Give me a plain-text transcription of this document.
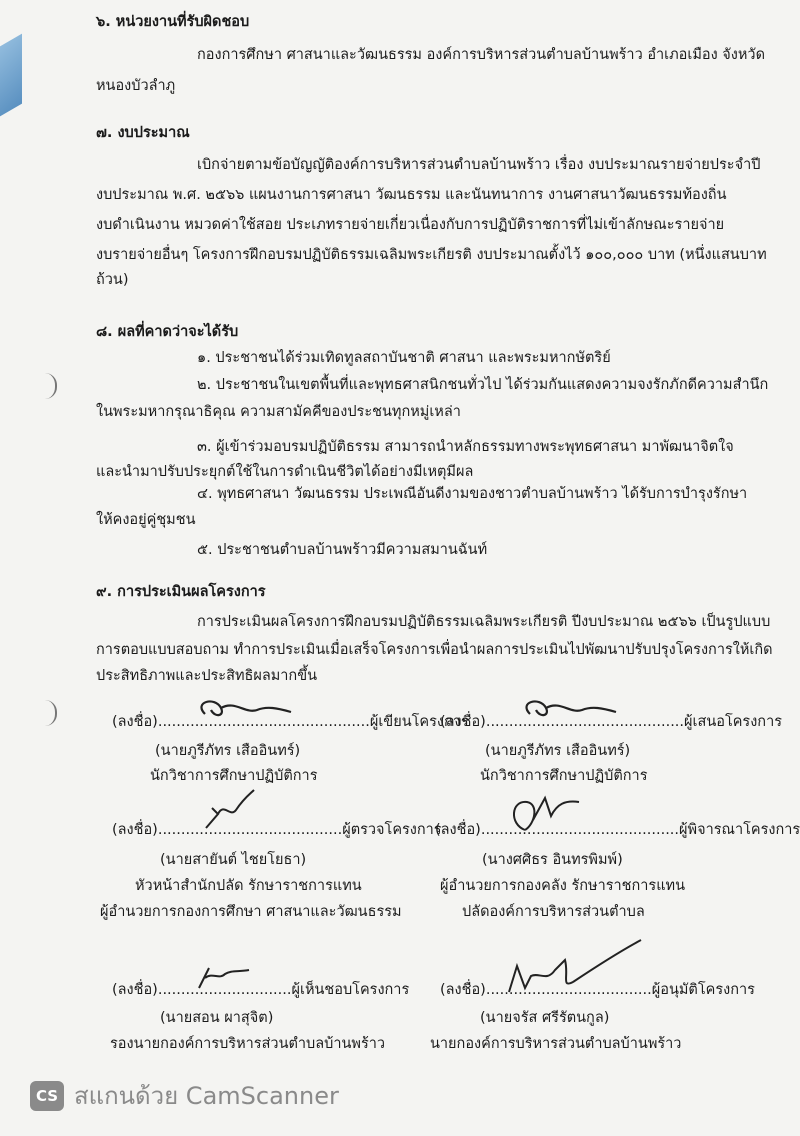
๖. หน่วยงานที่รับผิดชอบ
กองการศึกษา ศาสนาและวัฒนธรรม องค์การบริหารส่วนตำบลบ้านพร้าว อำเภอเมือง จังหวัด
หนองบัวลำภู
๗. งบประมาณ
เบิกจ่ายตามข้อบัญญัติองค์การบริหารส่วนตำบลบ้านพร้าว เรื่อง งบประมาณรายจ่ายประจำปี
งบประมาณ พ.ศ. ๒๕๖๖ แผนงานการศาสนา วัฒนธรรม และนันทนาการ งานศาสนาวัฒนธรรมท้องถิ่น
งบดำเนินงาน หมวดค่าใช้สอย ประเภทรายจ่ายเกี่ยวเนื่องกับการปฏิบัติราชการที่ไม่เข้าลักษณะรายจ่าย
งบรายจ่ายอื่นๆ โครงการฝึกอบรมปฏิบัติธรรมเฉลิมพระเกียรติ งบประมาณตั้งไว้ ๑๐๐,๐๐๐ บาท (หนึ่งแสนบาท
ถ้วน)
๘. ผลที่คาดว่าจะได้รับ
๑. ประชาชนได้ร่วมเทิดทูลสถาบันชาติ ศาสนา และพระมหากษัตริย์
๒. ประชาชนในเขตพื้นที่และพุทธศาสนิกชนทั่วไป ได้ร่วมกันแสดงความจงรักภักดีความสำนึก
ในพระมหากรุณาธิคุณ ความสามัคคีของประชนทุกหมู่เหล่า
๓. ผู้เข้าร่วมอบรมปฏิบัติธรรม สามารถนำหลักธรรมทางพระพุทธศาสนา มาพัฒนาจิตใจ
และนำมาปรับประยุกต์ใช้ในการดำเนินชีวิตได้อย่างมีเหตุมีผล
๔. พุทธศาสนา วัฒนธรรม ประเพณีอันดีงามของชาวตำบลบ้านพร้าว ได้รับการบำรุงรักษา
ให้คงอยู่คู่ชุมชน
๕. ประชาชนตำบลบ้านพร้าวมีความสมานฉันท์
๙. การประเมินผลโครงการ
การประเมินผลโครงการฝึกอบรมปฏิบัติธรรมเฉลิมพระเกียรติ ปีงบประมาณ ๒๕๖๖ เป็นรูปแบบ
การตอบแบบสอบถาม ทำการประเมินเมื่อเสร็จโครงการเพื่อนำผลการประเมินไปพัฒนาปรับปรุงโครงการให้เกิด
ประสิทธิภาพและประสิทธิผลมากขึ้น
(ลงชื่อ)..............................................ผู้เขียนโครงการ
(นายภูรีภัทร เสืออินทร์)
นักวิชาการศึกษาปฏิบัติการ
(ลงชื่อ)...........................................ผู้เสนอโครงการ
(นายภูรีภัทร เสืออินทร์)
นักวิชาการศึกษาปฏิบัติการ
(ลงชื่อ)........................................ผู้ตรวจโครงการ
(นายสายันต์ ไชยโยธา)
หัวหน้าสำนักปลัด รักษาราชการแทน
ผู้อำนวยการกองการศึกษา ศาสนาและวัฒนธรรม
(ลงชื่อ)...........................................ผู้พิจารณาโครงการ
(นางศศิธร อินทรพิมพ์)
ผู้อำนวยการกองคลัง รักษาราชการแทน
ปลัดองค์การบริหารส่วนตำบล
(ลงชื่อ).............................ผู้เห็นชอบโครงการ
(นายสอน ผาสุจิต)
รองนายกองค์การบริหารส่วนตำบลบ้านพร้าว
(ลงชื่อ)....................................ผู้อนุมัติโครงการ
(นายจรัส ศรีรัตนกูล)
นายกองค์การบริหารส่วนตำบลบ้านพร้าว
CS สแกนด้วย CamScanner
